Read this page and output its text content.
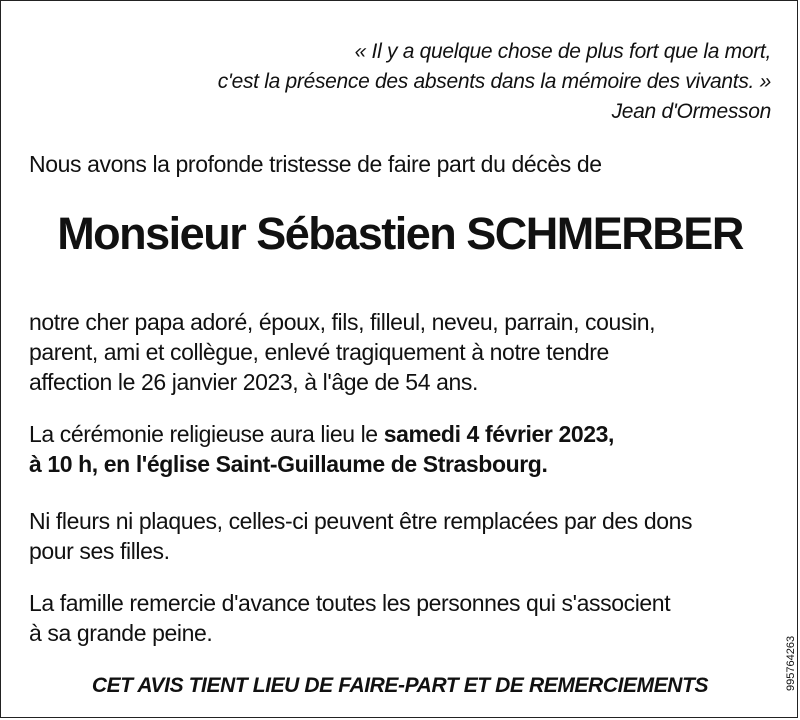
« Il y a quelque chose de plus fort que la mort,
c'est la présence des absents dans la mémoire des vivants. »
Jean d'Ormesson
Nous avons la profonde tristesse de faire part du décès de
Monsieur Sébastien SCHMERBER
notre cher papa adoré, époux, fils, filleul, neveu, parrain, cousin,
parent, ami et collègue, enlevé tragiquement à notre tendre
affection le 26 janvier 2023, à l'âge de 54 ans.
La cérémonie religieuse aura lieu le samedi 4 février 2023,
à 10 h, en l'église Saint-Guillaume de Strasbourg.
Ni fleurs ni plaques, celles-ci peuvent être remplacées par des dons
pour ses filles.
La famille remercie d'avance toutes les personnes qui s'associent
à sa grande peine.
CET AVIS TIENT LIEU DE FAIRE-PART ET DE REMERCIEMENTS	995764263
